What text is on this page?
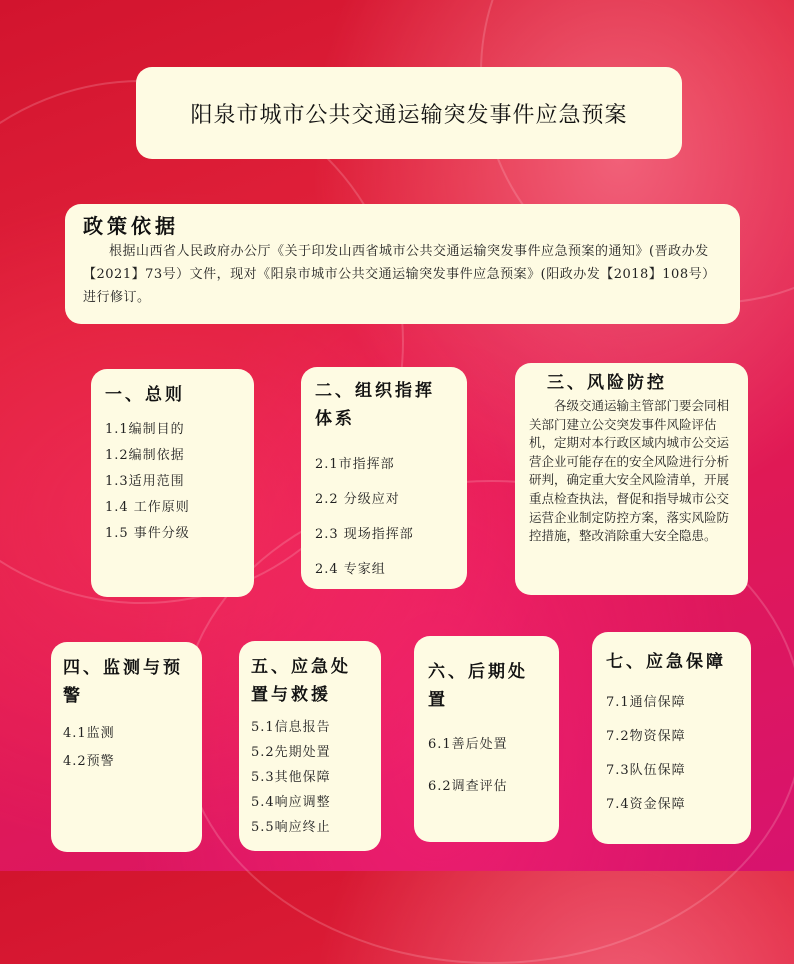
阳泉市城市公共交通运输突发事件应急预案
政策依据

根据山西省人民政府办公厅《关于印发山西省城市公共交通运输突发事件应急预案的通知》(晋政办发【2021】73号）文件，现对《阳泉市城市公共交通运输突发事件应急预案》(阳政办发【2018】108号）进行修订。

一、总则
1.1编制目的
1.2编制依据
1.3适用范围
1.4 工作原则
1.5 事件分级
二、组织指挥体系
2.1市指挥部
2.2 分级应对
2.3 现场指挥部
2.4 专家组
三、风险防控

各级交通运输主管部门要会同相关部门建立公交突发事件风险评估机，定期对本行政区域内城市公交运营企业可能存在的安全风险进行分析研判，确定重大安全风险清单，开展重点检查执法，督促和指导城市公交运营企业制定防控方案，落实风险防控措施，整改消除重大安全隐患。

四、监测与预警
4.1监测
4.2预警
五、应急处置与救援
5.1信息报告
5.2先期处置
5.3其他保障
5.4响应调整
5.5响应终止
六、后期处置
6.1善后处置
6.2调查评估
七、应急保障
7.1通信保障
7.2物资保障
7.3队伍保障
7.4资金保障
